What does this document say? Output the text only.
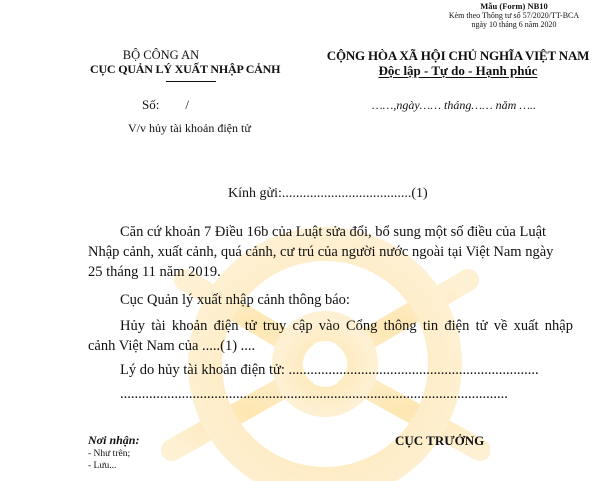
Mẫu (Form) NB10
Kèm theo Thông tư số 57/2020/TT-BCA
ngày 10 tháng 6 năm 2020
BỘ CÔNG AN
CỤC QUẢN LÝ XUẤT NHẬP CẢNH
Số: /
V/v hủy tài khoản điện tử
CỘNG HÒA XÃ HỘI CHỦ NGHĨA VIỆT NAM
Độc lập - Tự do - Hạnh phúc
……,ngày…… tháng…… năm …..
Kính gửi:.....................................(1)
Căn cứ khoản 7 Điều 16b của Luật sửa đổi, bổ sung một số điều của Luật
Nhập cảnh, xuất cảnh, quá cảnh, cư trú của người nước ngoài tại Việt Nam ngày
25 tháng 11 năm 2019.
Cục Quản lý xuất nhập cảnh thông báo:
Hủy tài khoản điện tử truy cập vào Cổng thông tin điện tử về xuất nhập
cảnh Việt Nam của .....(1) ....
Lý do hủy tài khoản điện tử: .....................................................................
...........................................................................................................
Nơi nhận:
- Như trên;
- Lưu...
CỤC TRƯỞNG
